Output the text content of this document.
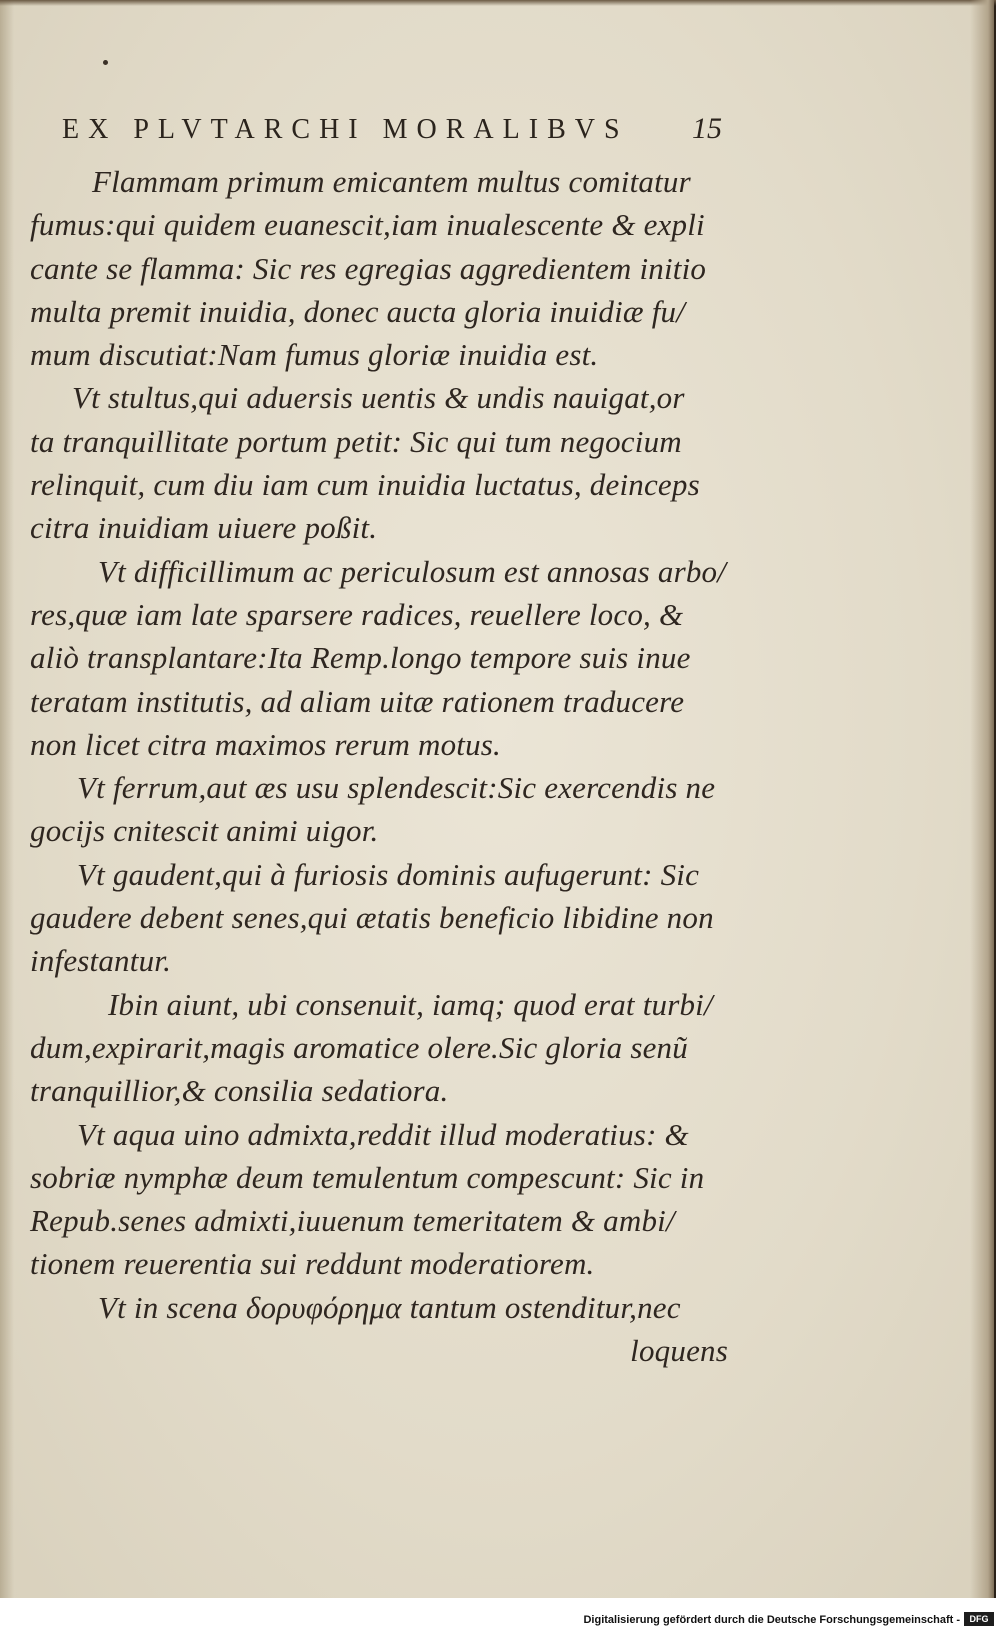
EX PLVTARCHI MORALIBVS 15
Flammam primum emicantem multus comitatur
fumus:qui quidem euanescit,iam inualescente & expli
cante se flamma: Sic res egregias aggredientem initio
multa premit inuidia, donec aucta gloria inuidiæ fu/
mum discutiat:Nam fumus gloriæ inuidia est.
Vt stultus,qui aduersis uentis & undis nauigat,or
ta tranquillitate portum petit: Sic qui tum negocium
relinquit, cum diu iam cum inuidia luctatus, deinceps
citra inuidiam uiuere poßit.
Vt difficillimum ac periculosum est annosas arbo/
res,quæ iam late sparsere radices, reuellere loco, &
aliò transplantare:Ita Remp.longo tempore suis inue
teratam institutis, ad aliam uitæ rationem traducere
non licet citra maximos rerum motus.
Vt ferrum,aut æs usu splendescit:Sic exercendis ne
gocijs cnitescit animi uigor.
Vt gaudent,qui à furiosis dominis aufugerunt: Sic
gaudere debent senes,qui ætatis beneficio libidine non
infestantur.
Ibin aiunt, ubi consenuit, iamq; quod erat turbi/
dum,expirarit,magis aromatice olere.Sic gloria senũ
tranquillior,& consilia sedatiora.
Vt aqua uino admixta,reddit illud moderatius: &
sobriæ nymphæ deum temulentum compescunt: Sic in
Repub.senes admixti,iuuenum temeritatem & ambi/
tionem reuerentia sui reddunt moderatiorem.
Vt in scena δορυφόρημα tantum ostenditur,nec
loquens
Digitalisierung gefördert durch die Deutsche Forschungsgemeinschaft -	DFG
